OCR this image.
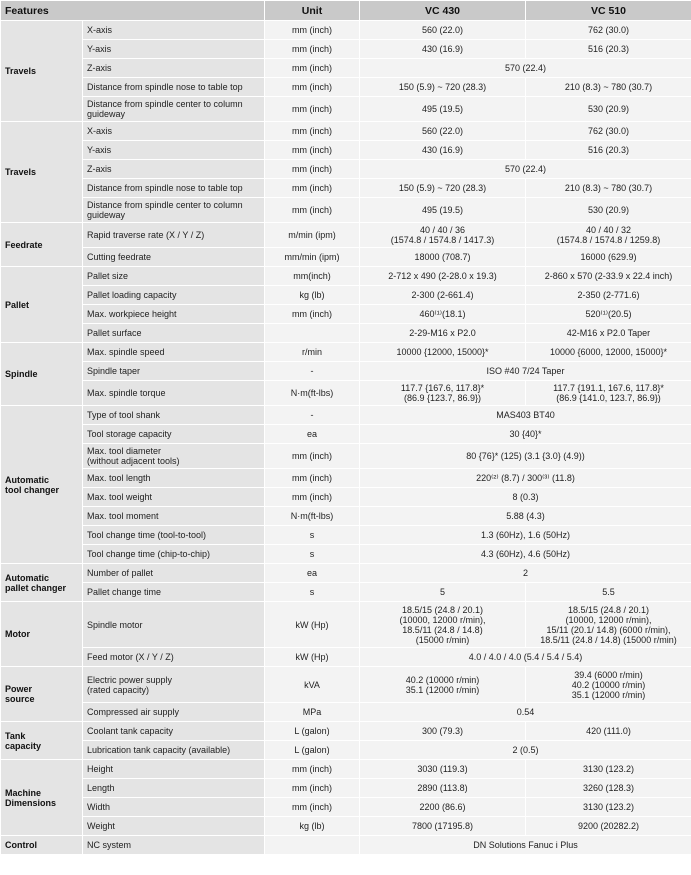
Features		Unit	VC 430	VC 510
Travels	X-axis	mm (inch)	560 (22.0)	762 (30.0)
	Y-axis	mm (inch)	430 (16.9)	516 (20.3)
	Z-axis	mm (inch)	570 (22.4)	
	Distance from spindle nose to table top	mm (inch)	150 (5.9) ~ 720 (28.3)	210 (8.3) ~ 780 (30.7)
	Distance from spindle center to column
guideway	mm (inch)	495 (19.5)	530 (20.9)
Travels	X-axis	mm (inch)	560 (22.0)	762 (30.0)
	Y-axis	mm (inch)	430 (16.9)	516 (20.3)
	Z-axis	mm (inch)	570 (22.4)	
	Distance from spindle nose to table top	mm (inch)	150 (5.9) ~ 720 (28.3)	210 (8.3) ~ 780 (30.7)
	Distance from spindle center to column
guideway	mm (inch)	495 (19.5)	530 (20.9)
Feedrate	Rapid traverse rate (X / Y / Z)	m/min (ipm)	40 / 40 / 36
(1574.8 / 1574.8 / 1417.3)	40 / 40 / 32
(1574.8 / 1574.8 / 1259.8)
	Cutting feedrate	mm/min (ipm)	18000 (708.7)	16000 (629.9)
Pallet	Pallet size	mm(inch)	2-712 x 490 (2-28.0 x 19.3)	2-860 x 570 (2-33.9 x 22.4 inch)
	Pallet loading capacity	kg (lb)	2-300 (2-661.4)	2-350 (2-771.6)
	Max. workpiece height	mm (inch)	460⁽¹⁾(18.1)	520⁽¹⁾(20.5)
	Pallet surface		2-29-M16 x P2.0	42-M16 x P2.0 Taper
Spindle	Max. spindle speed	r/min	10000 {12000, 15000}*	10000 {6000, 12000, 15000}*
	Spindle taper	-	ISO #40 7/24 Taper	
	Max. spindle torque	N·m(ft-lbs)	117.7 {167.6, 117.8}*
(86.9 {123.7, 86.9})	117.7 {191.1, 167.6, 117.8}*
(86.9 {141.0, 123.7, 86.9})
Automatic
tool changer	Type of tool shank	-	MAS403 BT40	
	Tool storage capacity	ea	30 {40}*	
	Max. tool diameter
(without adjacent tools)	mm (inch)	80 {76}* (125) (3.1 {3.0} (4.9))	
	Max. tool length	mm (inch)	220⁽²⁾ (8.7) / 300⁽³⁾ (11.8)	
	Max. tool weight	mm (inch)	8 (0.3)	
	Max. tool moment	N·m(ft-lbs)	5.88 (4.3)	
	Tool change time (tool-to-tool)	s	1.3 (60Hz), 1.6 (50Hz)	
	Tool change time (chip-to-chip)	s	4.3 (60Hz), 4.6 (50Hz)	
Automatic
pallet changer	Number of pallet	ea	2	
	Pallet change time	s	5	5.5
Motor	Spindle motor	kW (Hp)	18.5/15 (24.8 / 20.1)
(10000, 12000 r/min),
18.5/11 (24.8 / 14.8)
(15000 r/min)	18.5/15 (24.8 / 20.1)
(10000, 12000 r/min),
15/11 (20.1/ 14.8) (6000 r/min),
18.5/11 (24.8 / 14.8) (15000 r/min)
	Feed motor (X / Y / Z)	kW (Hp)	4.0 / 4.0 / 4.0 (5.4 / 5.4 / 5.4)	
Power
source	Electric power supply
(rated capacity)	kVA	40.2 (10000 r/min)
35.1 (12000 r/min)	39.4 (6000 r/min)
40.2 (10000 r/min)
35.1 (12000 r/min)
	Compressed air supply	MPa	0.54	
Tank
capacity	Coolant tank capacity	L (galon)	300 (79.3)	420 (111.0)
	Lubrication tank capacity (available)	L (galon)	2 (0.5)	
Machine
Dimensions	Height	mm (inch)	3030 (119.3)	3130 (123.2)
	Length	mm (inch)	2890 (113.8)	3260 (128.3)
	Width	mm (inch)	2200 (86.6)	3130 (123.2)
	Weight	kg (lb)	7800 (17195.8)	9200 (20282.2)
Control	NC system		DN Solutions Fanuc i Plus	
